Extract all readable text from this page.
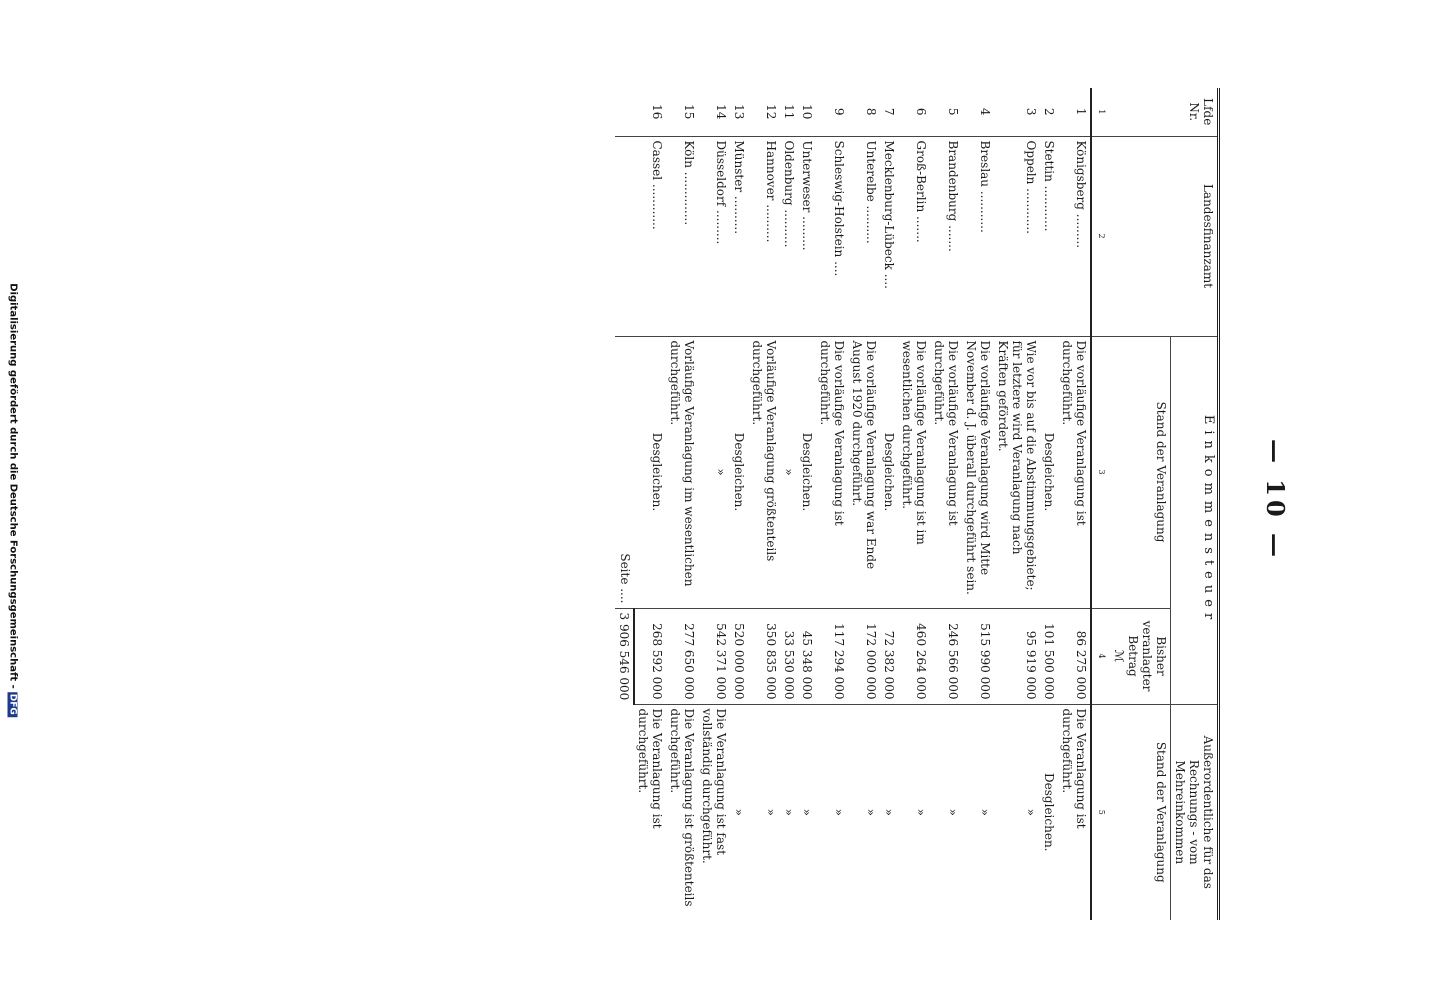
Digitalisierung gefördert durch die Deutsche Forschungsgemeinschaft -DFG
— 10 —
Lfde Nr.	Landesfinanzamt	Einkommensteuer		Außerordentliche für das Rechnungs - vom Mehreinkommen
		Stand der Veranlagung	Bisher veranlagter Betrag
ℳ	Stand der Veranlagung
1	2	3	4	5
1	Königsberg .........	Die vorläufige Veranlagung ist durchgeführt.	86 275 000	Die Veranlagung ist durchgeführt.
2	Stettin ............	Desgleichen.	101 500 000	Desgleichen.
3	Oppeln ............	Wie vor bis auf die Abstimmungsgebiete; für letztere wird Veranlagung nach Kräften gefördert.	95 919 000	»
4	Breslau ...........	Die vorläufige Veranlagung wird Mitte November d. J. überall durchgeführt sein.	515 990 000	»
5	Brandenburg .......	Die vorläufige Veranlagung ist durchgeführt.	246 566 000	»
6	Groß-Berlin .......	Die vorläufige Veranlagung ist im wesentlichen durchgeführt.	460 264 000	»
7	Mecklenburg-Lübeck ....	Desgleichen.	72 382 000	»
8	Unterelbe ..........	Die vorläufige Veranlagung war Ende August 1920 durchgeführt.	172 000 000	»
9	Schleswig-Holstein ....	Die vorläufige Veranlagung ist durchgeführt.	117 294 000	»
10	Unterweser .........	Desgleichen.	45 348 000	»
11	Oldenburg ..........	»	33 530 000	»
12	Hannover ..........	Vorläufige Veranlagung größtenteils durchgeführt.	350 835 000	»
13	Münster ..........	Desgleichen.	520 000 000	»
14	Düsseldorf .........	»	542 371 000	Die Veranlagung ist fast vollständig durchgeführt.
15	Köln ..............	Vorläufige Veranlagung im wesentlichen durchgeführt.	277 650 000	Die Veranlagung ist größtenteils durchgeführt.
16	Cassel ............	Desgleichen.	268 592 000	Die Veranlagung ist durchgeführt.
		Seite ....	3 906 546 000	
